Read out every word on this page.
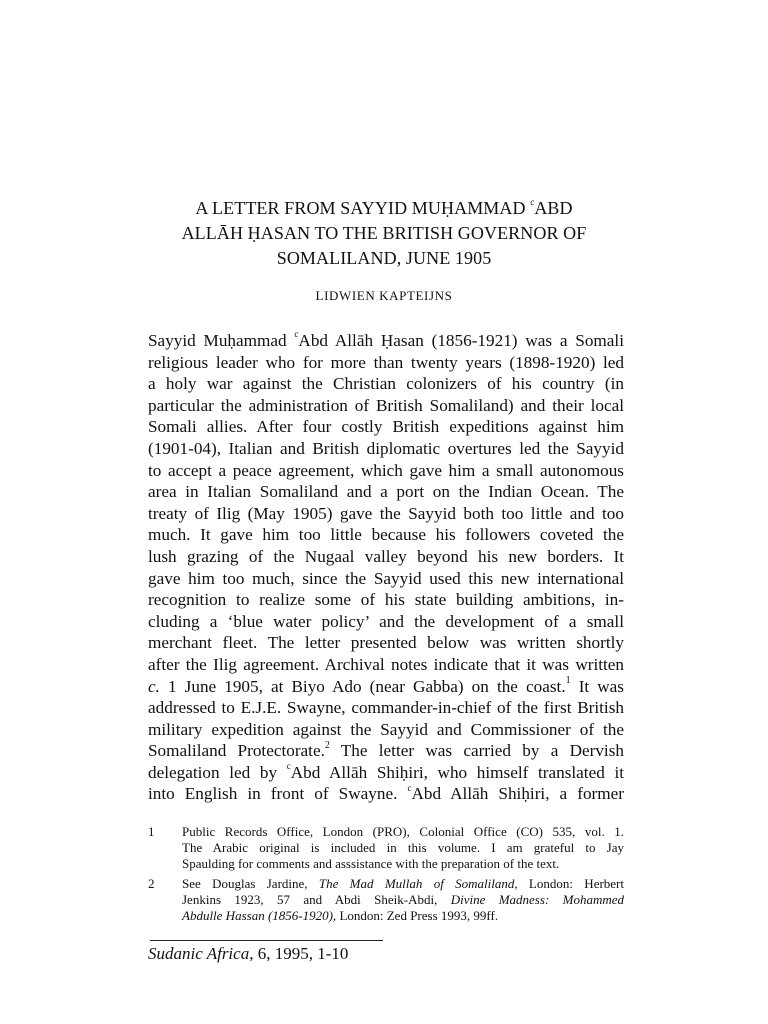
A LETTER FROM SAYYID MUḤAMMAD $^c$ABD
ALLĀH ḤASAN TO THE BRITISH GOVERNOR OF
SOMALILAND, JUNE 1905
LIDWIEN KAPTEIJNS
Sayyid Muḥammad $^c$Abd Allāh Ḥasan (1856-1921) was a Somali
religious leader who for more than twenty years (1898-1920) led
a holy war against the Christian colonizers of his country (in
particular the administration of British Somaliland) and their local
Somali allies. After four costly British expeditions against him
(1901-04), Italian and British diplomatic overtures led the Sayyid
to accept a peace agreement, which gave him a small autonomous
area in Italian Somaliland and a port on the Indian Ocean. The
treaty of Ilig (May 1905) gave the Sayyid both too little and too
much. It gave him too little because his followers coveted the
lush grazing of the Nugaal valley beyond his new borders. It
gave him too much, since the Sayyid used this new international
recognition to realize some of his state building ambitions, in-
cluding a ‘blue water policy’ and the development of a small
merchant fleet. The letter presented below was written shortly
after the Ilig agreement. Archival notes indicate that it was written
c. 1 June 1905, at Biyo Ado (near Gabba) on the coast.$^1$ It was
addressed to E.J.E. Swayne, commander-in-chief of the first British
military expedition against the Sayyid and Commissioner of the
Somaliland Protectorate.$^2$ The letter was carried by a Dervish
delegation led by $^c$Abd Allāh Shiḥiri, who himself translated it
into English in front of Swayne. $^c$Abd Allāh Shiḥiri, a former
1 Public Records Office, London (PRO), Colonial Office (CO) 535, vol. 1.
The Arabic original is included in this volume. I am grateful to Jay
Spaulding for comments and asssistance with the preparation of the text.
2 See Douglas Jardine, The Mad Mullah of Somaliland, London: Herbert
Jenkins 1923, 57 and Abdi Sheik-Abdi, Divine Madness: Mohammed
Abdulle Hassan (1856-1920), London: Zed Press 1993, 99ff.
Sudanic Africa, 6, 1995, 1-10
